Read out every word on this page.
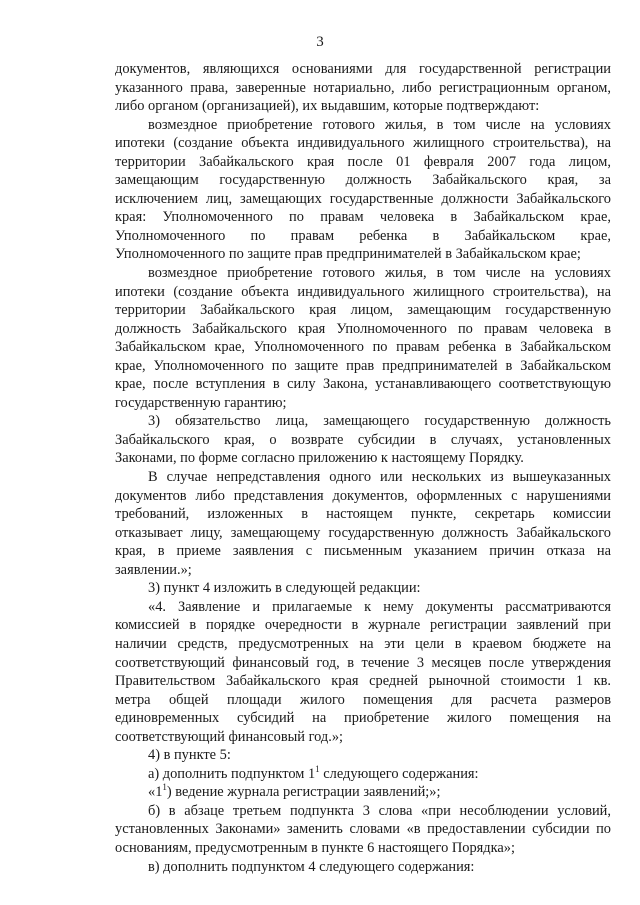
3

документов, являющихся основаниями для государственной регистрации

указанного права, заверенные нотариально, либо регистрационным органом,

либо органом (организацией), их выдавшим, которые подтверждают:

возмездное приобретение готового жилья, в том числе на условиях

ипотеки (создание объекта индивидуального жилищного строительства), на

территории Забайкальского края после 01 февраля 2007 года лицом,

замещающим государственную должность Забайкальского края, за

исключением лиц, замещающих государственные должности Забайкальского

края: Уполномоченного по правам человека в Забайкальском крае,

Уполномоченного по правам ребенка в Забайкальском крае,

Уполномоченного по защите прав предпринимателей в Забайкальском крае;

возмездное приобретение готового жилья, в том числе на условиях

ипотеки (создание объекта индивидуального жилищного строительства), на

территории Забайкальского края лицом, замещающим государственную

должность Забайкальского края Уполномоченного по правам человека в

Забайкальском крае, Уполномоченного по правам ребенка в Забайкальском

крае, Уполномоченного по защите прав предпринимателей в Забайкальском

крае, после вступления в силу Закона, устанавливающего соответствующую

государственную гарантию;

3) обязательство лица, замещающего государственную должность

Забайкальского края, о возврате субсидии в случаях, установленных

Законами, по форме согласно приложению к настоящему Порядку.

В случае непредставления одного или нескольких из вышеуказанных

документов либо представления документов, оформленных с нарушениями

требований, изложенных в настоящем пункте, секретарь комиссии

отказывает лицу, замещающему государственную должность Забайкальского

края, в приеме заявления с письменным указанием причин отказа на

заявлении.»;

3) пункт 4 изложить в следующей редакции:

«4. Заявление и прилагаемые к нему документы рассматриваются

комиссией в порядке очередности в журнале регистрации заявлений при

наличии средств, предусмотренных на эти цели в краевом бюджете на

соответствующий финансовый год, в течение 3 месяцев после утверждения

Правительством Забайкальского края средней рыночной стоимости 1 кв.

метра общей площади жилого помещения для расчета размеров

единовременных субсидий на приобретение жилого помещения на

соответствующий финансовый год.»;

4) в пункте 5:

а) дополнить подпунктом $1^1$ следующего содержания:

«$1^1$) ведение журнала регистрации заявлений;»;

б) в абзаце третьем подпункта 3 слова «при несоблюдении условий,

установленных Законами» заменить словами «в предоставлении субсидии по

основаниям, предусмотренным в пункте 6 настоящего Порядка»;

в) дополнить подпунктом 4 следующего содержания:
